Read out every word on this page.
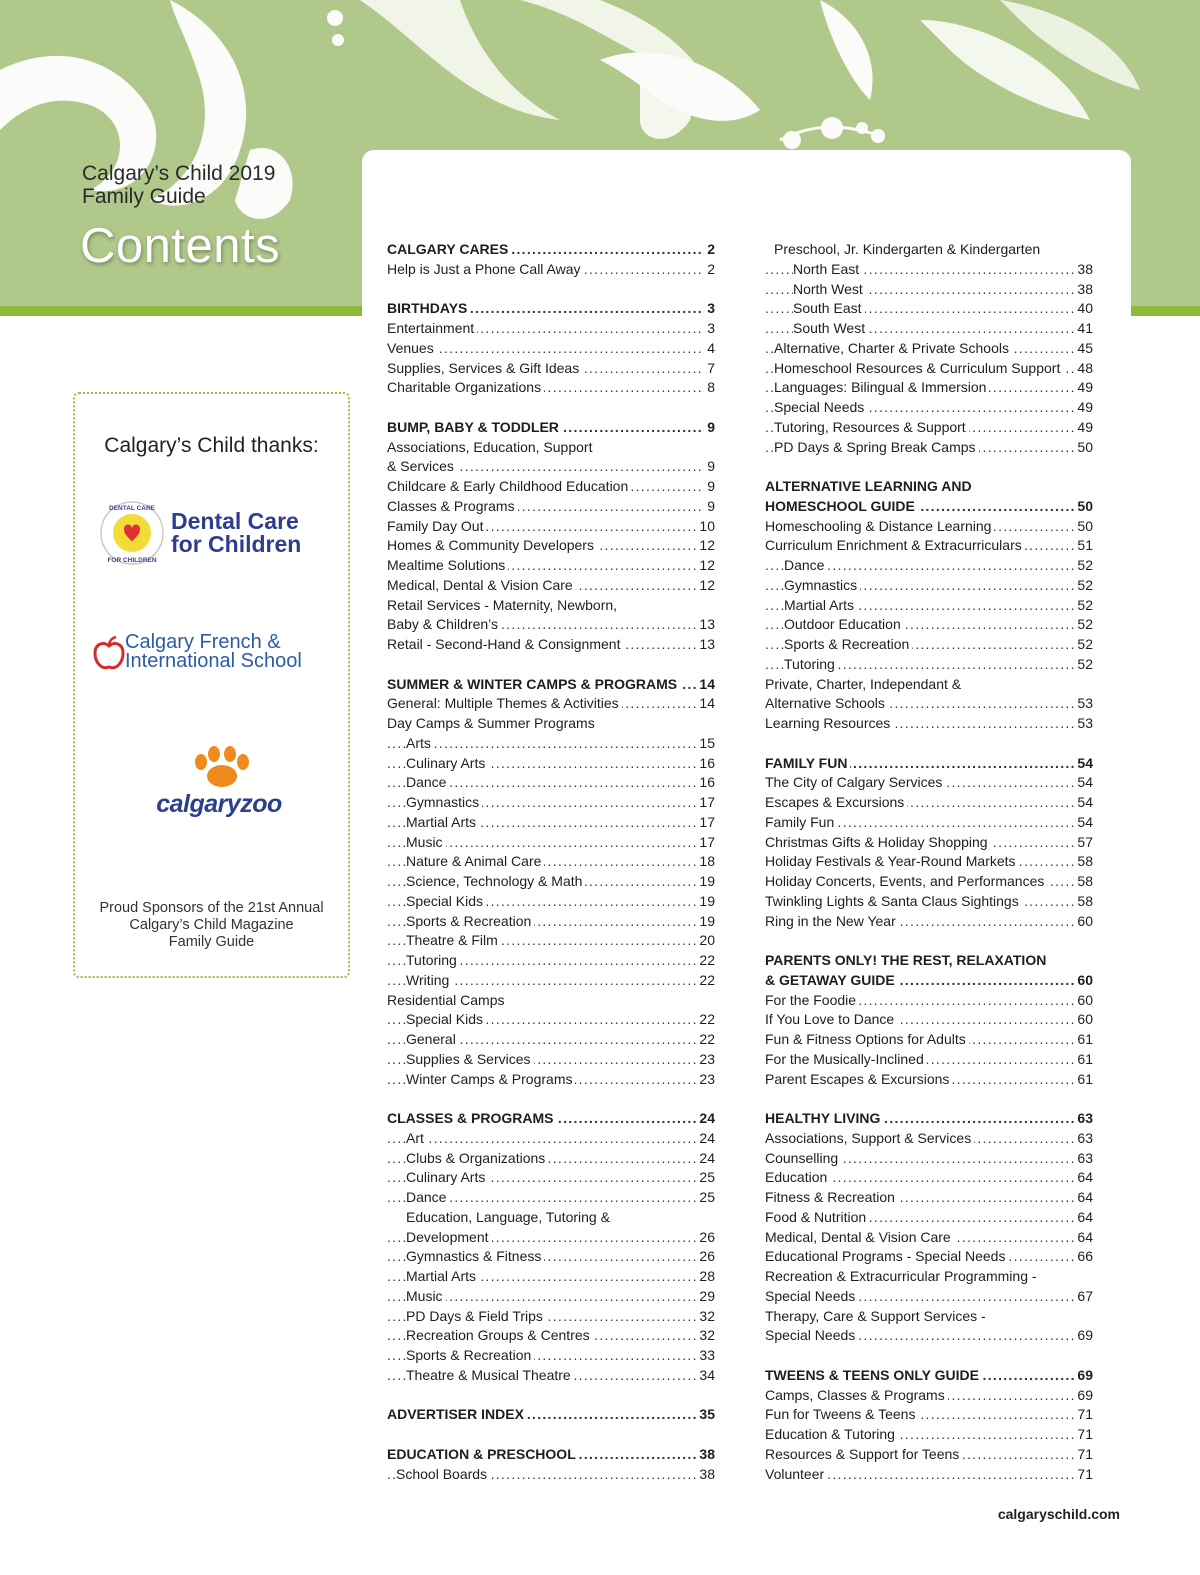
Calgary’s Child 2019
Family Guide
Contents
Calgary’s Child thanks:
DENTAL CARE
FOR CHILDREN
Dental Care
for Children
Calgary French &
International School
calgaryzoo
Proud Sponsors of the 21st Annual
Calgary’s Child Magazine
Family Guide
. . . CALGARY CARES	2
. . . Help is Just a Phone Call Away	2
. . . BIRTHDAYS	3
. . . Entertainment	3
. . . Venues	4
. . . Supplies, Services & Gift Ideas	7
. . . Charitable Organizations	8
. . . BUMP, BABY & TODDLER	9
Associations, Education, Support
. . . & Services	9
. . . Childcare & Early Childhood Education	9
. . . Classes & Programs	9
. . . Family Day Out	10
. . . Homes & Community Developers	12
. . . Mealtime Solutions	12
. . . Medical, Dental & Vision Care	12
Retail Services - Maternity, Newborn,
. . . Baby & Children’s	13
. . . Retail - Second-Hand & Consignment	13
. . . SUMMER & WINTER CAMPS & PROGRAMS 14
. . . General: Multiple Themes & Activities	14
Day Camps & Summer Programs
. . . Arts	15
. . . Culinary Arts	16
. . . Dance	16
. . . Gymnastics	17
. . . Martial Arts	17
. . . Music	17
. . . Nature & Animal Care	18
. . . Science, Technology & Math	19
. . . Special Kids	19
. . . Sports & Recreation	19
. . . Theatre & Film	20
. . . Tutoring	22
. . . Writing	22
Residential Camps
. . . Special Kids	22
. . . General	22
. . . Supplies & Services	23
. . . Winter Camps & Programs	23
. . . CLASSES & PROGRAMS	24
. . . Art	24
. . . Clubs & Organizations	24
. . . Culinary Arts	25
. . . Dance	25
Education, Language, Tutoring &
. . . Development	26
. . . Gymnastics & Fitness	26
. . . Martial Arts	28
. . . Music	29
. . . PD Days & Field Trips	32
. . . Recreation Groups & Centres	32
. . . Sports & Recreation	33
. . . Theatre & Musical Theatre	34
. . . ADVERTISER INDEX	35
. . . EDUCATION & PRESCHOOL	38
. . . School Boards	38
Preschool, Jr. Kindergarten & Kindergarten
. . . North East	38
. . . North West	38
. . . South East	40
. . . South West	41
. . . Alternative, Charter & Private Schools	45
. . . Homeschool Resources & Curriculum Support 48
. . . Languages: Bilingual & Immersion	49
. . . Special Needs	49
. . . Tutoring, Resources & Support	49
. . . PD Days & Spring Break Camps	50
ALTERNATIVE LEARNING AND
. . . HOMESCHOOL GUIDE	50
. . . Homeschooling & Distance Learning	50
. . . Curriculum Enrichment & Extracurriculars	51
. . . Dance	52
. . . Gymnastics	52
. . . Martial Arts	52
. . . Outdoor Education	52
. . . Sports & Recreation	52
. . . Tutoring	52
Private, Charter, Independant &
. . . Alternative Schools	53
. . . Learning Resources	53
. . . FAMILY FUN	54
. . . The City of Calgary Services	54
. . . Escapes & Excursions	54
. . . Family Fun	54
. . . Christmas Gifts & Holiday Shopping	57
. . . Holiday Festivals & Year-Round Markets	58
. . . Holiday Concerts, Events, and Performances 58
. . . Twinkling Lights & Santa Claus Sightings	58
. . . Ring in the New Year	60
PARENTS ONLY! THE REST, RELAXATION
. . . & GETAWAY GUIDE	60
. . . For the Foodie	60
. . . If You Love to Dance	60
. . . Fun & Fitness Options for Adults	61
. . . For the Musically-Inclined	61
. . . Parent Escapes & Excursions	61
. . . HEALTHY LIVING	63
. . . Associations, Support & Services	63
. . . Counselling	63
. . . Education	64
. . . Fitness & Recreation	64
. . . Food & Nutrition	64
. . . Medical, Dental & Vision Care	64
. . . Educational Programs - Special Needs	66
Recreation & Extracurricular Programming -
. . . Special Needs	67
Therapy, Care & Support Services -
. . . Special Needs	69
. . . TWEENS & TEENS ONLY GUIDE	69
. . . Camps, Classes & Programs	69
. . . Fun for Tweens & Teens	71
. . . Education & Tutoring	71
. . . Resources & Support for Teens	71
. . . Volunteer	71
calgaryschild.com
